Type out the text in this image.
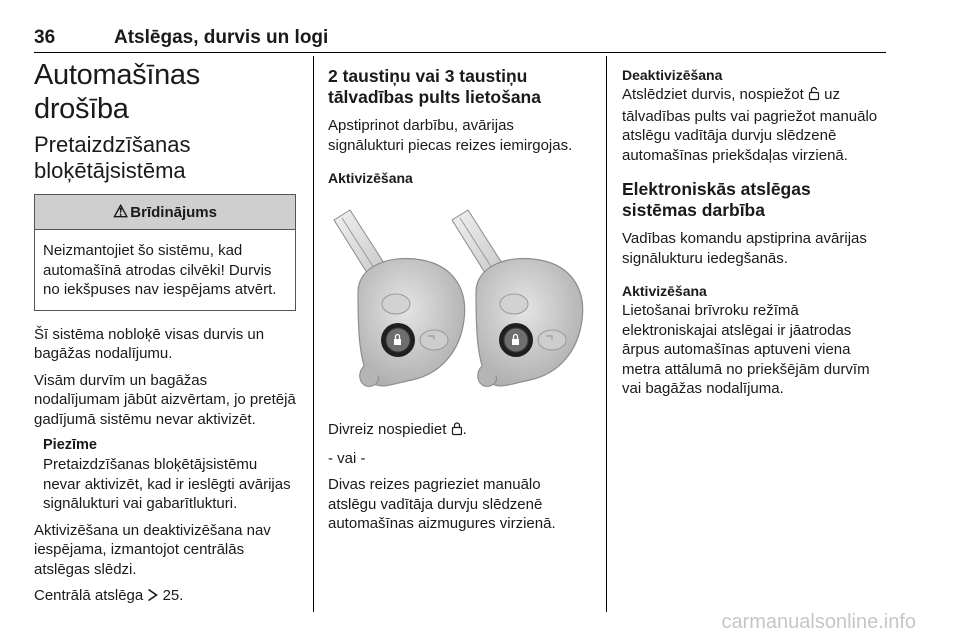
36	Atslēgas, durvis un logi
Automašīnas drošība
Pretaizdzīšanas
bloķētājsistēma
⚠ Brīdinājums
Neizmantojiet šo sistēmu, kad automašīnā atrodas cilvēki! Durvis no iekšpuses nav iespējams atvērt.

Šī sistēma nobloķē visas durvis un bagāžas nodalījumu.

Visām durvīm un bagāžas nodalījumam jābūt aizvērtam, jo pretējā gadījumā sistēmu nevar aktivizēt.

Piezīme

Pretaizdzīšanas bloķētājsistēmu nevar aktivizēt, kad ir ieslēgti avārijas signālukturi vai gabarītlukturi.

Aktivizēšana un deaktivizēšana nav iespējama, izmantojot centrālās atslēgas slēdzi.

Centrālā atslēga 25.

2 taustiņu vai 3 taustiņu tālvadības pults lietošana

Apstiprinot darbību, avārijas signālukturi piecas reizes iemirgojas.

Aktivizēšana

Divreiz nospiediet .

- vai -

Divas reizes pagrieziet manuālo atslēgu vadītāja durvju slēdzenē automašīnas aizmugures virzienā.

Deaktivizēšana

Atslēdziet durvis, nospiežot uz tālvadības pults vai pagriežot manuālo atslēgu vadītāja durvju slēdzenē automašīnas priekšdaļas virzienā.

Elektroniskās atslēgas sistēmas darbība

Vadības komandu apstiprina avārijas signālukturu iedegšanās.

Aktivizēšana

Lietošanai brīvroku režīmā elektroniskajai atslēgai ir jāatrodas ārpus automašīnas aptuveni viena metra attālumā no priekšējām durvīm vai bagāžas nodalījuma.

carmanualsonline.info
